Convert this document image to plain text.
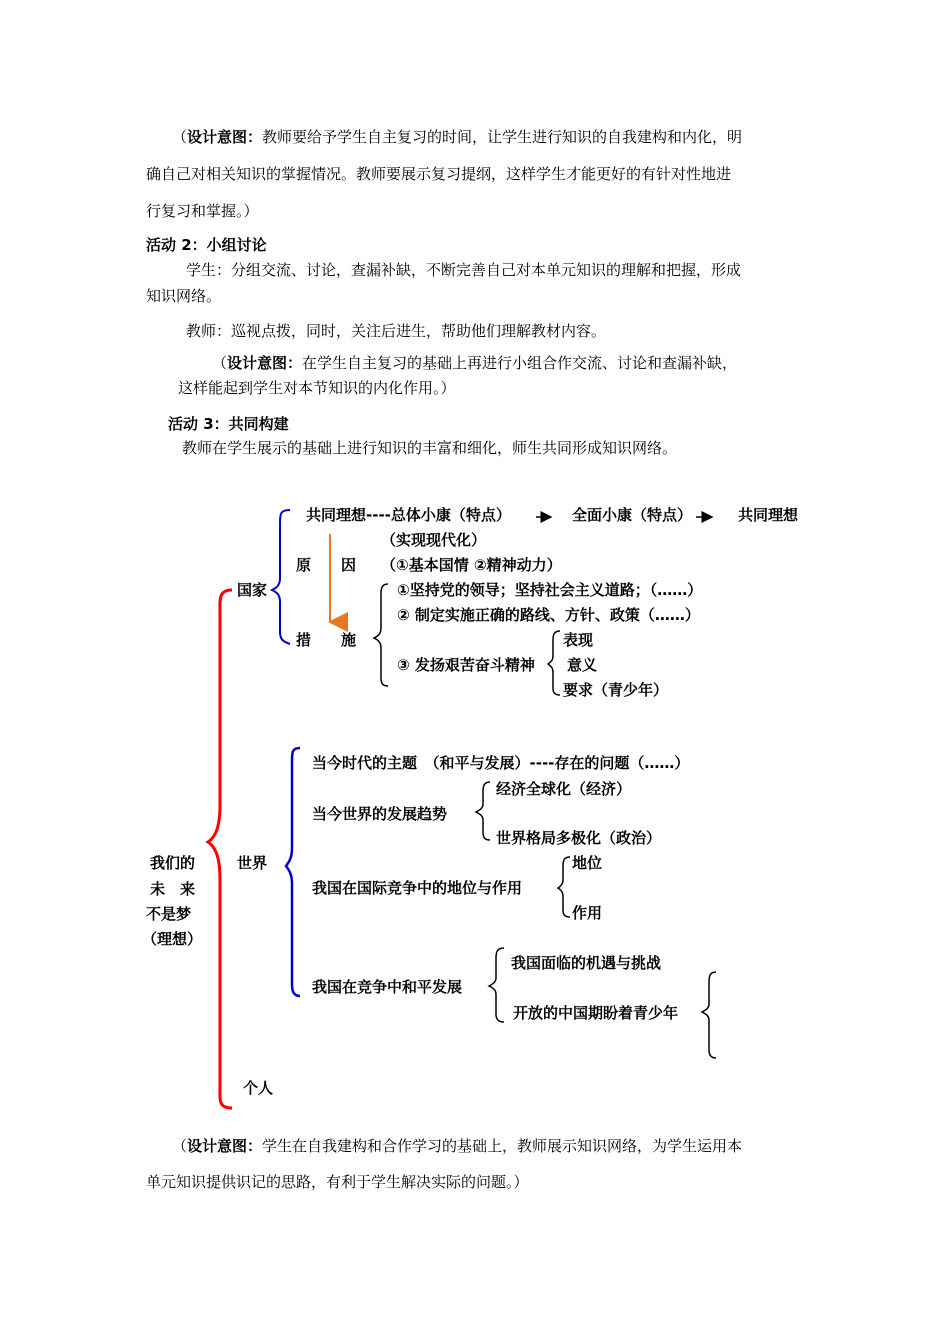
（设计意图：教师要给予学生自主复习的时间，让学生进行知识的自我建构和内化，明
确自己对相关知识的掌握情况。教师要展示复习提纲，这样学生才能更好的有针对性地进
行复习和掌握。）
活动 2：小组讨论
学生：分组交流、讨论，查漏补缺，不断完善自己对本单元知识的理解和把握，形成
知识网络。
教师：巡视点拨，同时，关注后进生，帮助他们理解教材内容。
（设计意图：在学生自主复习的基础上再进行小组合作交流、讨论和查漏补缺，
这样能起到学生对本节知识的内化作用。）
活动 3：共同构建
教师在学生展示的基础上进行知识的丰富和细化，师生共同形成知识网络。
我们的
未　来
不是梦
（理想）
国家
共同理想----总体小康（特点）	全面小康（特点）	共同理想
（实现现代化）
原　　因 （①基本国情 ②精神动力）
①坚持党的领导；坚持社会主义道路；（……）
② 制定实施正确的路线、方针、政策（……）
措　　施
③ 发扬艰苦奋斗精神
表现
意义
要求（青少年）
世界
当今时代的主题　（和平与发展）----存在的问题（……）
当今世界的发展趋势
经济全球化（经济）
世界格局多极化（政治）
我国在国际竞争中的地位与作用
地位
作用
我国在竞争中和平发展
我国面临的机遇与挑战
开放的中国期盼着青少年
个人
（设计意图：学生在自我建构和合作学习的基础上，教师展示知识网络，为学生运用本
单元知识提供识记的思路，有利于学生解决实际的问题。）
